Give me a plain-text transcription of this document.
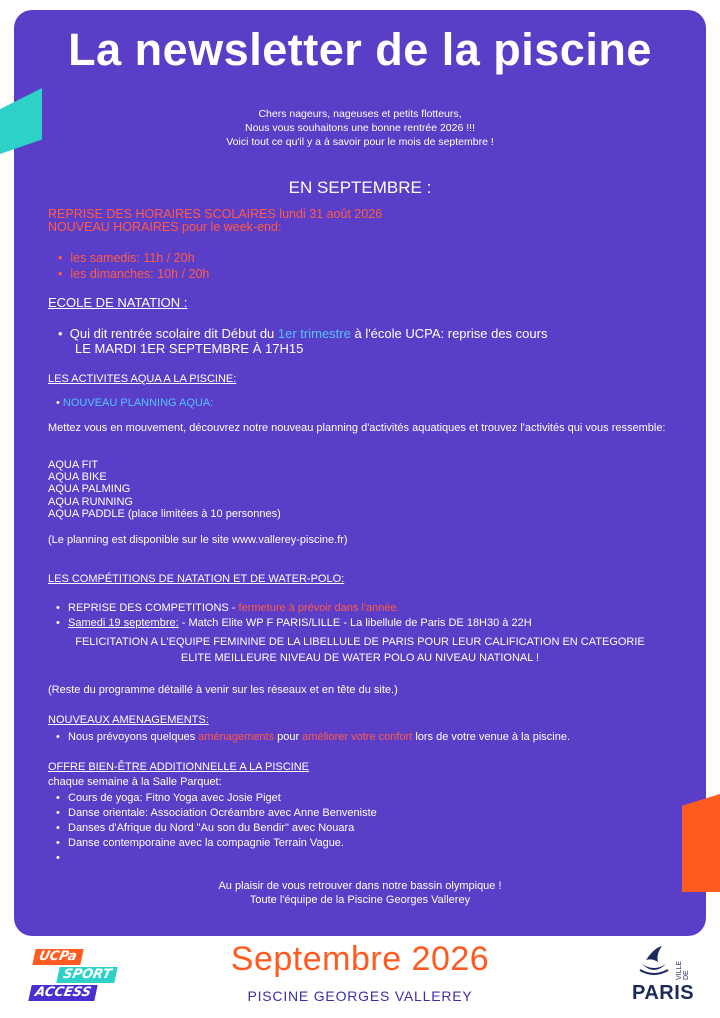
La newsletter de la piscine
Chers nageurs, nageuses et petits flotteurs,
Nous vous souhaitons une bonne rentrée 2026 !!!
Voici tout ce qu'il y a à savoir pour le mois de septembre !
EN SEPTEMBRE :
REPRISE DES HORAIRES SCOLAIRES lundi 31 août 2026
NOUVEAU HORAIRES pour le week-end:
• les samedis: 11h / 20h
• les dimanches: 10h / 20h
ECOLE DE NATATION :
•  Qui dit rentrée scolaire dit Début du 1er trimestre à l'école UCPA: reprise des cours
LE MARDI 1ER SEPTEMBRE À 17H15
LES ACTIVITES AQUA A LA PISCINE:
• NOUVEAU PLANNING AQUA:
Mettez vous en mouvement, découvrez notre nouveau planning d'activités aquatiques et trouvez l'activités qui vous ressemble:
AQUA FIT
AQUA BIKE
AQUA PALMING
AQUA RUNNING
AQUA PADDLE (place limitées à 10 personnes)
(Le planning est disponible sur le site www.vallerey-piscine.fr)
LES COMPÉTITIONS DE NATATION ET DE WATER-POLO:
• REPRISE DES COMPETITIONS - fermeture à prévoir dans l'année.
• Samedi 19 septembre: - Match Elite WP F PARIS/LILLE - La libellule de Paris DE 18H30 à 22H
FELICITATION A L'EQUIPE FEMININE DE LA LIBELLULE DE PARIS POUR LEUR CALIFICATION EN CATEGORIE
ELITE MEILLEURE NIVEAU DE WATER POLO AU NIVEAU NATIONAL !
(Reste du programme détaillé à venir sur les réseaux et en tête du site.)
NOUVEAUX AMENAGEMENTS:
• Nous prévoyons quelques aménagements pour améliorer votre confort lors de votre venue à la piscine.
OFFRE BIEN-ÊTRE ADDITIONNELLE A LA PISCINE
chaque semaine à la Salle Parquet:
• Cours de yoga: Fitno Yoga avec Josie Piget
• Danse orientale: Association Ocréambre avec Anne Benveniste
• Danses d'Afrique du Nord "Au son du Bendir" avec Nouara
• Danse contemporaine avec la compagnie Terrain Vague.
•
Au plaisir de vous retrouver dans notre bassin olympique !
Toute l'équipe de la Piscine Georges Vallerey
UCPa
SPORT
ACCESS
Septembre 2026
PISCINE GEORGES VALLEREY
VILLE DE
PARIS
